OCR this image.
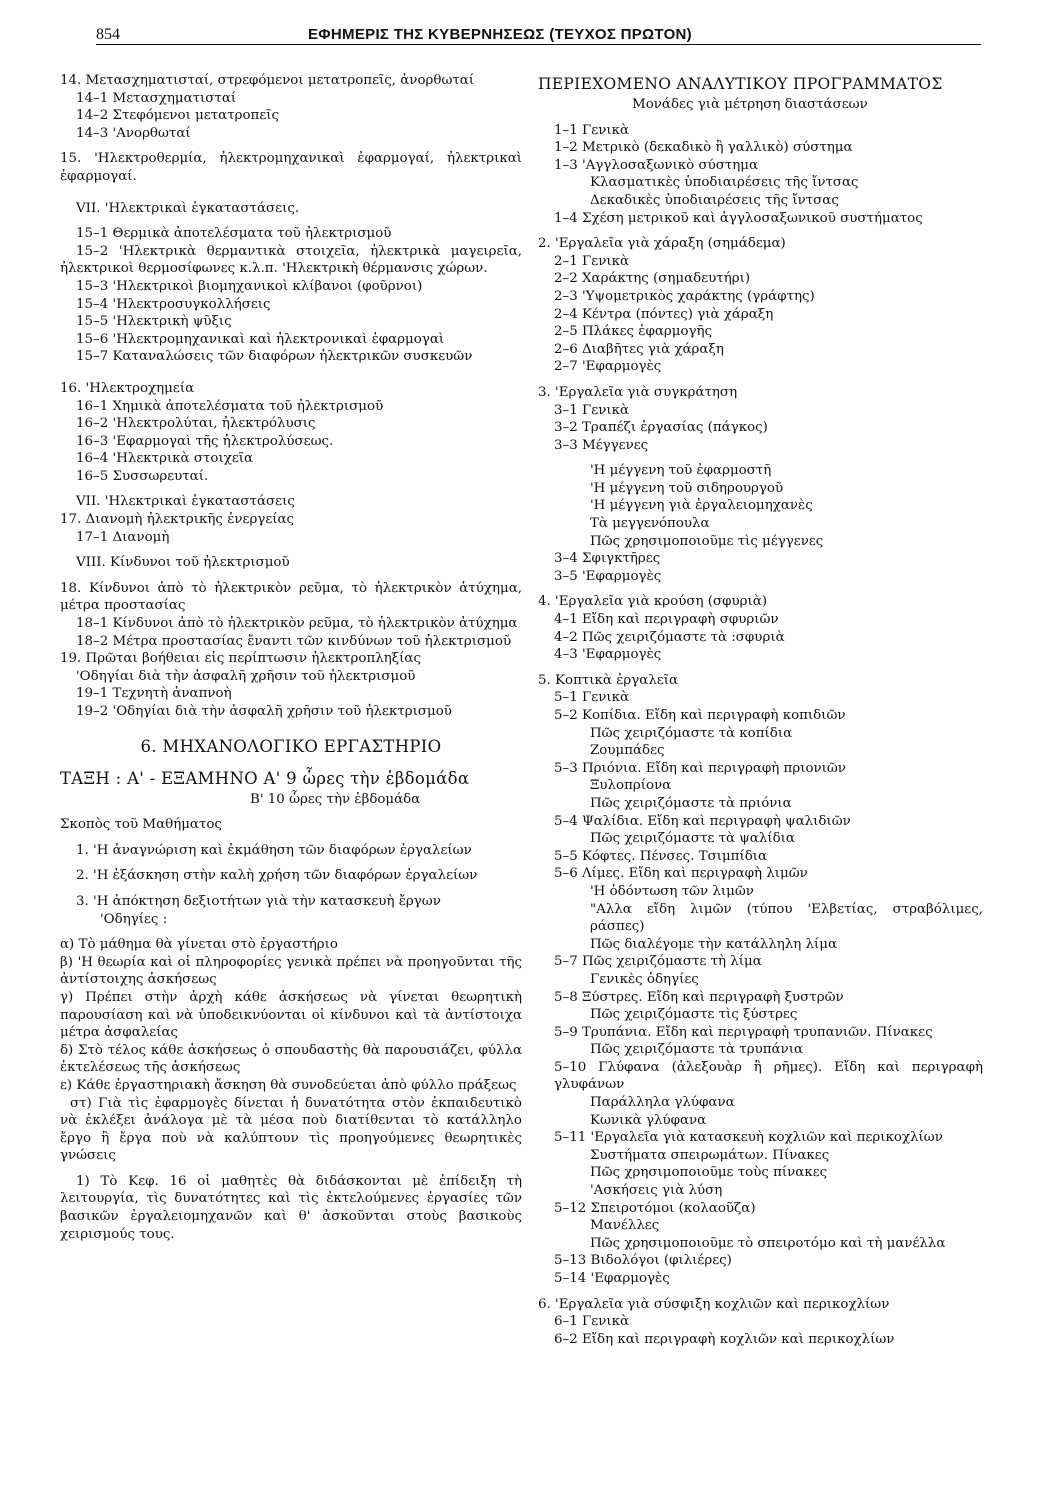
854	ΕΦΗΜΕΡΙΣ ΤΗΣ ΚΥΒΕΡΝΗΣΕΩΣ (ΤΕΥΧΟΣ ΠΡΩΤΟΝ)
14. Μετασχηματισταί, στρεφόμενοι μετατροπεῖς, ἀνορθωταί
14–1 Μετασχηματισταί
14–2 Στεφόμενοι μετατροπεῖς
14–3 'Ανορθωταί
15. 'Ηλεκτροθερμία, ἠλεκτρομηχανικαὶ ἐφαρμογαί, ἠλεκτρικαὶ ἐφαρμογαί.
VII. 'Ηλεκτρικαὶ ἐγκαταστάσεις.
15–1 Θερμικὰ ἀποτελέσματα τοῦ ἠλεκτρισμοῦ
15–2 'Ηλεκτρικὰ θερμαντικὰ στοιχεῖα, ἠλεκτρικὰ μαγειρεῖα, ἠλεκτρικοὶ θερμοσίφωνες κ.λ.π. 'Ηλεκτρικὴ θέρμανσις χώρων.
15–3 'Ηλεκτρικοὶ βιομηχανικοὶ κλίβανοι (φοῦρνοι)
15–4 'Ηλεκτροσυγκολλήσεις
15–5 'Ηλεκτρικὴ ψῦξις
15–6 'Ηλεκτρομηχανικαὶ καὶ ἠλεκτρονικαὶ ἐφαρμογαὶ
15–7 Καταναλώσεις τῶν διαφόρων ἠλεκτρικῶν συσκευῶν
16. 'Ηλεκτροχημεία
16–1 Χημικὰ ἀποτελέσματα τοῦ ἠλεκτρισμοῦ
16–2 'Ηλεκτρολύται, ἠλεκτρόλυσις
16–3 'Εφαρμογαὶ τῆς ἠλεκτρολύσεως.
16–4 'Ηλεκτρικὰ στοιχεῖα
16–5 Συσσωρευταί.
VII. 'Ηλεκτρικαὶ ἐγκαταστάσεις
17. Διανομὴ ἠλεκτρικῆς ἐνεργείας
17–1 Διανομὴ
VIII. Κίνδυνοι τοῦ ἠλεκτρισμοῦ
18. Κίνδυνοι ἀπὸ τὸ ἠλεκτρικὸν ρεῦμα, τὸ ἠλεκτρικὸν ἀτύχημα, μέτρα προστασίας
18–1 Κίνδυνοι ἀπὸ τὸ ἠλεκτρικὸν ρεῦμα, τὸ ἠλεκτρικὸν ἀτύχημα
18–2 Μέτρα προστασίας ἔναντι τῶν κινδύνων τοῦ ἠλεκτρισμοῦ
19. Πρῶται βοήθειαι εἰς περίπτωσιν ἠλεκτροπληξίας
'Οδηγίαι διὰ τὴν ἀσφαλῆ χρῆσιν τοῦ ἠλεκτρισμοῦ
19–1 Τεχνητὴ ἀναπνοὴ
19–2 'Οδηγίαι διὰ τὴν ἀσφαλῆ χρῆσιν τοῦ ἠλεκτρισμοῦ
6. ΜΗΧΑΝΟΛΟΓΙΚΟ ΕΡΓΑΣΤΗΡΙΟ
ΤΑΞΗ : Α' - ΕΞΑΜΗΝΟ Α' 9 ὧρες τὴν ἑβδομάδα
Β' 10 ὧρες τὴν ἑβδομάδα
Σκοπὸς τοῦ Μαθήματος
1. 'Η ἀναγνώριση καὶ ἐκμάθηση τῶν διαφόρων ἐργαλείων
2. 'Η ἐξάσκηση στὴν καλὴ χρήση τῶν διαφόρων ἐργαλείων
3. 'Η ἀπόκτηση δεξιοτήτων γιὰ τὴν κατασκευὴ ἔργων
'Οδηγίες :
α) Τὸ μάθημα θὰ γίνεται στὸ ἐργαστήριο
β) 'Η θεωρία καὶ οἱ πληροφορίες γενικὰ πρέπει νὰ προηγοῦνται τῆς ἀντίστοιχης ἀσκήσεως
γ) Πρέπει στὴν ἀρχὴ κάθε ἀσκήσεως νὰ γίνεται θεωρητικὴ παρουσίαση καὶ νὰ ὑποδεικνύονται οἱ κίνδυνοι καὶ τὰ ἀντίστοιχα μέτρα ἀσφαλείας
δ) Στὸ τέλος κάθε ἀσκήσεως ὁ σπουδαστὴς θὰ παρουσιάζει, φύλλα ἐκτελέσεως τῆς ἀσκήσεως
ε) Κάθε ἐργαστηριακὴ ἄσκηση θὰ συνοδεύεται ἀπὸ φύλλο πράξεως
στ) Γιὰ τὶς ἐφαρμογὲς δίνεται ἡ δυνατότητα στὸν ἐκπαιδευτικὸ νὰ ἐκλέξει ἀνάλογα μὲ τὰ μέσα ποὺ διατίθενται τὸ κατάλληλο ἔργο ἢ ἔργα ποὺ νὰ καλύπτουν τὶς προηγούμενες θεωρητικὲς γνώσεις
1) Τὸ Κεφ. 16 οἱ μαθητὲς θὰ διδάσκονται μὲ ἐπίδειξη τὴ λειτουργία, τὶς δυνατότητες καὶ τὶς ἐκτελούμενες ἐργασίες τῶν βασικῶν ἐργαλειομηχανῶν καὶ θ' ἀσκοῦνται στοὺς βασικοὺς χειρισμούς τους.
ΠΕΡΙΕΧΟΜΕΝΟ ΑΝΑΛΥΤΙΚΟΥ ΠΡΟΓΡΑΜΜΑΤΟΣ
Μονάδες γιὰ μέτρηση διαστάσεων
1–1 Γενικὰ
1–2 Μετρικὸ (δεκαδικὸ ἢ γαλλικὸ) σύστημα
1–3 'Αγγλοσαξωνικὸ σύστημα
Κλασματικὲς ὑποδιαιρέσεις τῆς ἴντσας
Δεκαδικὲς ὑποδιαιρέσεις τῆς ἴντσας
1–4 Σχέση μετρικοῦ καὶ ἀγγλοσαξωνικοῦ συστήματος
2. 'Εργαλεῖα γιὰ χάραξη (σημάδεμα)
2–1 Γενικὰ
2–2 Χαράκτης (σημαδευτήρι)
2–3 'Υψομετρικὸς χαράκτης (γράφτης)
2–4 Κέντρα (πόντες) γιὰ χάραξη
2–5 Πλάκες ἐφαρμογῆς
2–6 Διαβῆτες γιὰ χάραξη
2–7 'Εφαρμογὲς
3. 'Εργαλεῖα γιὰ συγκράτηση
3–1 Γενικὰ
3–2 Τραπέζι ἐργασίας (πάγκος)
3–3 Μέγγενες
'Η μέγγενη τοῦ ἐφαρμοστῆ
'Η μέγγενη τοῦ σιδηρουργοῦ
'Η μέγγενη γιὰ ἐργαλειομηχανὲς
Τὰ μεγγενόπουλα
Πῶς χρησιμοποιοῦμε τὶς μέγγενες
3–4 Σφιγκτῆρες
3–5 'Εφαρμογὲς
4. 'Εργαλεῖα γιὰ κρούση (σφυριὰ)
4–1 Εἴδη καὶ περιγραφὴ σφυριῶν
4–2 Πῶς χειριζόμαστε τὰ :σφυριὰ
4–3 'Εφαρμογὲς
5. Κοπτικὰ ἐργαλεῖα
5–1 Γενικὰ
5–2 Κοπίδια. Εἴδη καὶ περιγραφὴ κοπιδιῶν
Πῶς χειριζόμαστε τὰ κοπίδια
Ζουμπάδες
5–3 Πριόνια. Εἴδη καὶ περιγραφὴ πριονιῶν
Ξυλοπρίονα
Πῶς χειριζόμαστε τὰ πριόνια
5–4 Ψαλίδια. Εἴδη καὶ περιγραφὴ ψαλιδιῶν
Πῶς χειριζόμαστε τὰ ψαλίδια
5–5 Κόφτες. Πένσες. Τσιμπίδια
5–6 Λίμες. Εἴδη καὶ περιγραφὴ λιμῶν
'Η ὀδόντωση τῶν λιμῶν
"Αλλα εἴδη λιμῶν (τύπου 'Ελβετίας, στραβόλιμες, ράσπες)
Πῶς διαλέγομε τὴν κατάλληλη λίμα
5–7 Πῶς χειριζόμαστε τὴ λίμα
Γενικὲς ὁδηγίες
5–8 Ξύστρες. Εἴδη καὶ περιγραφὴ ξυστρῶν
Πῶς χειριζόμαστε τὶς ξύστρες
5–9 Τρυπάνια. Εἴδη καὶ περιγραφὴ τρυπανιῶν. Πίνακες
Πῶς χειριζόμαστε τὰ τρυπάνια
5–10 Γλύφανα (ἀλεξουὰρ ἢ ρῆμες). Εἴδη καὶ περιγραφὴ γλυφάνων
Παράλληλα γλύφανα
Κωνικὰ γλύφανα
5–11 'Εργαλεῖα γιὰ κατασκευὴ κοχλιῶν καὶ περικοχλίων
Συστήματα σπειρωμάτων. Πίνακες
Πῶς χρησιμοποιοῦμε τοὺς πίνακες
'Ασκήσεις γιὰ λύση
5–12 Σπειροτόμοι (κολαοῦζα)
Μανέλλες
Πῶς χρησιμοποιοῦμε τὸ σπειροτόμο καὶ τὴ μανέλλα
5–13 Βιδολόγοι (φιλιέρες)
5–14 'Εφαρμογὲς
6. 'Εργαλεῖα γιὰ σύσφιξη κοχλιῶν καὶ περικοχλίων
6–1 Γενικὰ
6–2 Εἴδη καὶ περιγραφὴ κοχλιῶν καὶ περικοχλίων
